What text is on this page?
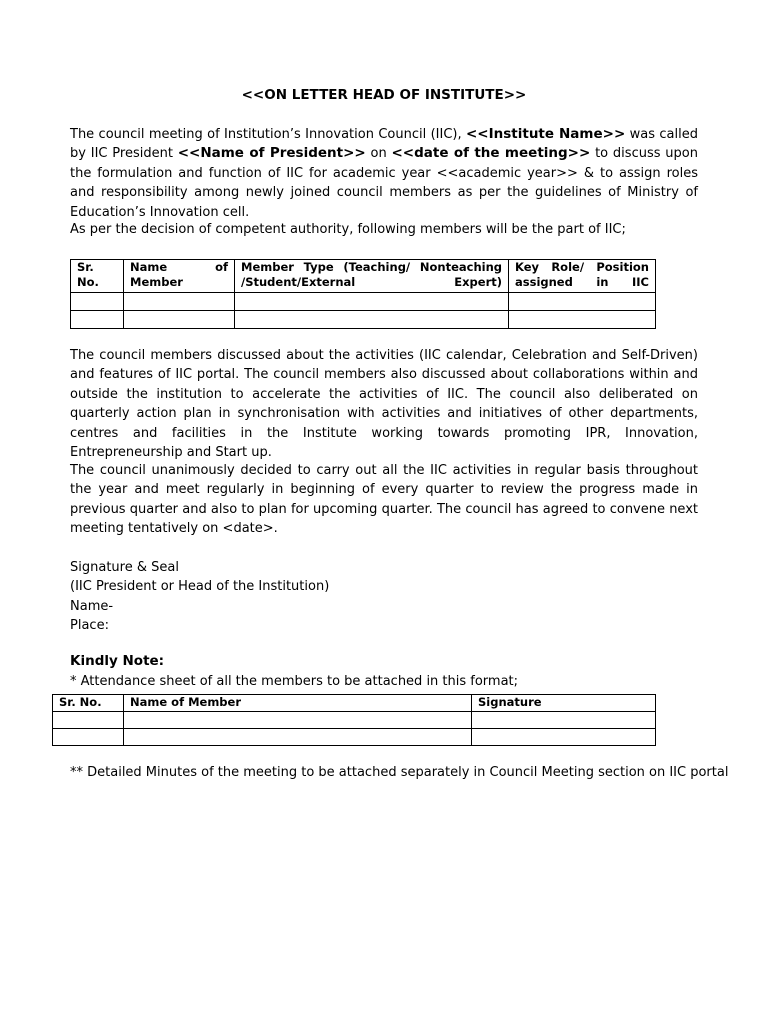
<<ON LETTER HEAD OF INSTITUTE>>

The council meeting of Institution’s Innovation Council (IIC), <<Institute Name>> was called by IIC President <<Name of President>> on <<date of the meeting>> to discuss upon the formulation and function of IIC for academic year <<academic year>> & to assign roles and responsibility among newly joined council members as per the guidelines of Ministry of Education’s Innovation cell.

As per the decision of competent authority, following members will be the part of IIC;

Sr. No.	Name of Member	Member Type (Teaching/ Nonteaching /Student/External Expert)	Key Role/ Position assigned in IIC

The council members discussed about the activities (IIC calendar, Celebration and Self-Driven) and features of IIC portal. The council members also discussed about collaborations within and outside the institution to accelerate the activities of IIC. The council also deliberated on quarterly action plan in synchronisation with activities and initiatives of other departments, centres and facilities in the Institute working towards promoting IPR, Innovation, Entrepreneurship and Start up.

The council unanimously decided to carry out all the IIC activities in regular basis throughout the year and meet regularly in beginning of every quarter to review the progress made in previous quarter and also to plan for upcoming quarter. The council has agreed to convene next meeting tentatively on <date>.

Signature & Seal
(IIC President or Head of the Institution)
Name-
Place:
Kindly Note:
* Attendance sheet of all the members to be attached in this format;
Sr. No.	Name of Member	Signature

** Detailed Minutes of the meeting to be attached separately in Council Meeting section on IIC portal
